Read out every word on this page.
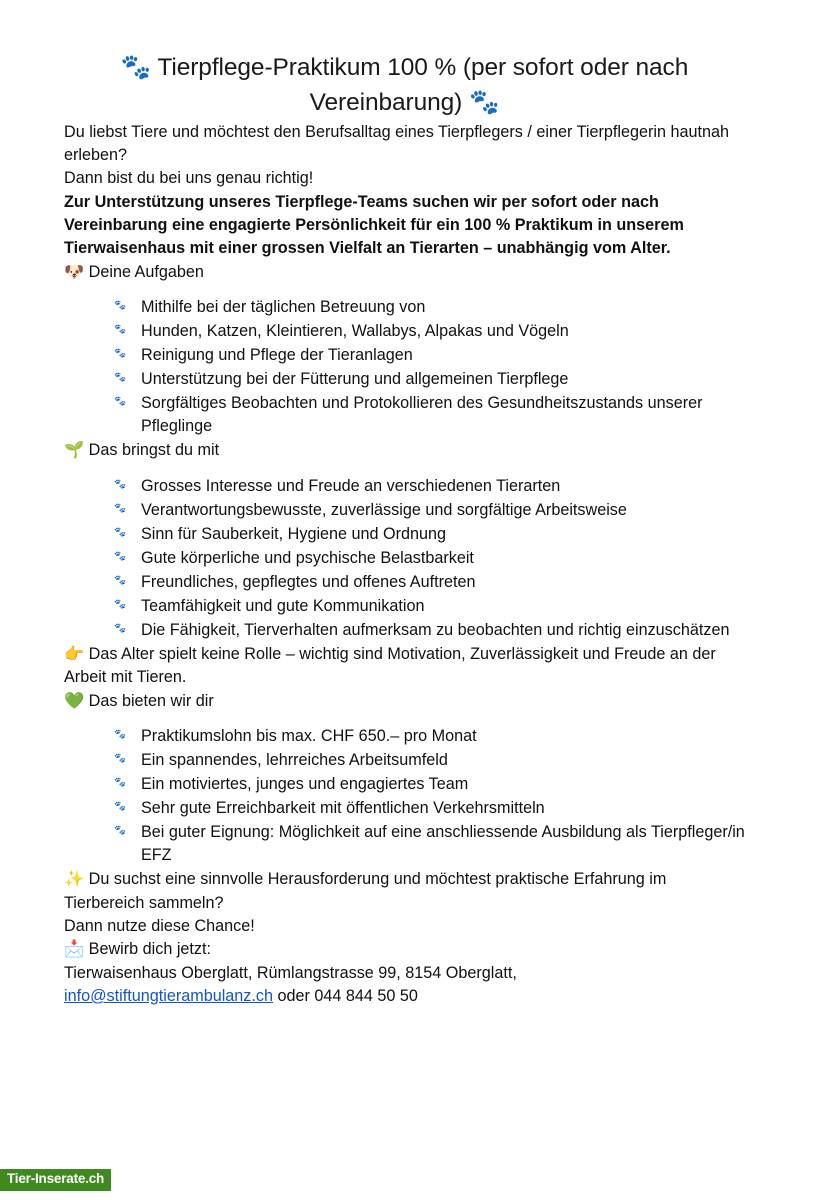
🐾 Tierpflege-Praktikum 100 % (per sofort oder nach Vereinbarung) 🐾

Du liebst Tiere und möchtest den Berufsalltag eines Tierpflegers / einer Tierpflegerin hautnah erleben?

Dann bist du bei uns genau richtig!

Zur Unterstützung unseres Tierpflege-Teams suchen wir per sofort oder nach Vereinbarung eine engagierte Persönlichkeit für ein 100 % Praktikum in unserem Tierwaisenhaus mit einer grossen Vielfalt an Tierarten – unabhängig vom Alter.

🐶 Deine Aufgaben
🐾 Mithilfe bei der täglichen Betreuung von
🐾 Hunden, Katzen, Kleintieren, Wallabys, Alpakas und Vögeln
🐾 Reinigung und Pflege der Tieranlagen
🐾 Unterstützung bei der Fütterung und allgemeinen Tierpflege
🐾 Sorgfältiges Beobachten und Protokollieren des Gesundheitszustands unserer Pfleglinge
🌱 Das bringst du mit
🐾 Grosses Interesse und Freude an verschiedenen Tierarten
🐾 Verantwortungsbewusste, zuverlässige und sorgfältige Arbeitsweise
🐾 Sinn für Sauberkeit, Hygiene und Ordnung
🐾 Gute körperliche und psychische Belastbarkeit
🐾 Freundliches, gepflegtes und offenes Auftreten
🐾 Teamfähigkeit und gute Kommunikation
🐾 Die Fähigkeit, Tierverhalten aufmerksam zu beobachten und richtig einzuschätzen

👉 Das Alter spielt keine Rolle – wichtig sind Motivation, Zuverlässigkeit und Freude an der Arbeit mit Tieren.

💚 Das bieten wir dir
🐾 Praktikumslohn bis max. CHF 650.– pro Monat
🐾 Ein spannendes, lehrreiches Arbeitsumfeld
🐾 Ein motiviertes, junges und engagiertes Team
🐾 Sehr gute Erreichbarkeit mit öffentlichen Verkehrsmitteln
🐾 Bei guter Eignung: Möglichkeit auf eine anschliessende Ausbildung als Tierpfleger/in EFZ

✨ Du suchst eine sinnvolle Herausforderung und möchtest praktische Erfahrung im Tierbereich sammeln?

Dann nutze diese Chance!

📩 Bewirb dich jetzt:

Tierwaisenhaus Oberglatt, Rümlangstrasse 99, 8154 Oberglatt,
info@stiftungtierambulanz.ch oder 044 844 50 50

Tier-Inserate.ch
